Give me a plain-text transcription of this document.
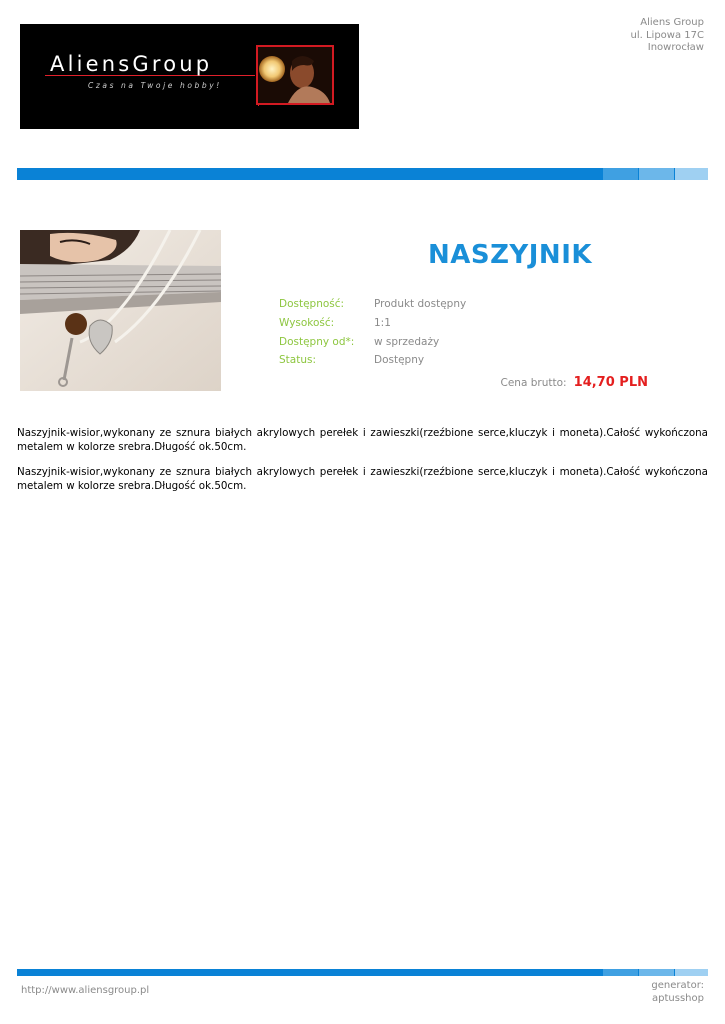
AliensGroup
Czas na Twoje hobby!
Aliens Group
ul. Lipowa 17C
Inowrocław
NASZYJNIK
Dostępność:	Produkt dostępny
Wysokość:	1:1
Dostępny od*: w sprzedaży
Status:	Dostępny
Cena brutto: 14,70 PLN
Naszyjnik-wisior,wykonany ze sznura białych akrylowych perełek i zawieszki(rzeźbione serce,kluczyk i moneta).Całość wykończona metalem w kolorze srebra.Długość ok.50cm.
Naszyjnik-wisior,wykonany ze sznura białych akrylowych perełek i zawieszki(rzeźbione serce,kluczyk i moneta).Całość wykończona metalem w kolorze srebra.Długość ok.50cm.
http://www.aliensgroup.pl	generator:
aptusshop
